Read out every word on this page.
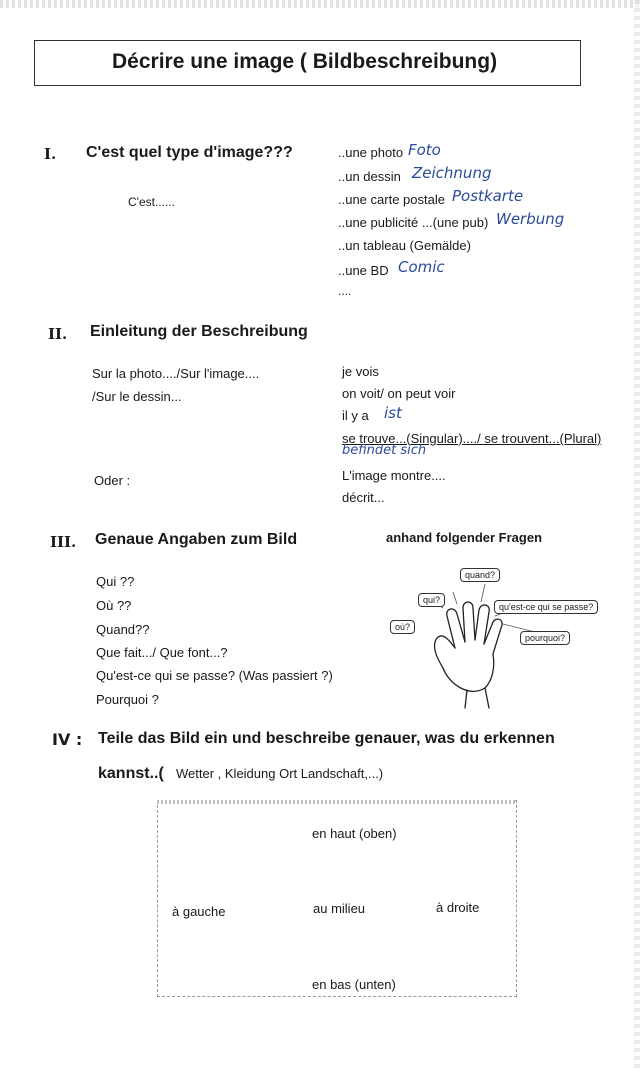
Décrire une image ( Bildbeschreibung)
I. C'est quel type d'image???
C'est......
..une photo Foto
..un dessin Zeichnung
..une carte postale Postkarte
..une publicité ...(une pub) Werbung
..un tableau (Gemälde)
..une BD Comic
....
II. Einleitung der Beschreibung
Sur la photo..../Sur l'image....
/Sur le dessin...
Oder :
je vois
on voit/ on peut voir
il y a ist
se trouve...(Singular)..../ se trouvent...(Plural)
befindet sich
L'image montre....
décrit...
III. Genaue Angaben zum Bild	anhand folgender Fragen
Qui ??
Où ??
Quand??
Que fait.../ Que font...?
Qu'est-ce qui se passe? (Was passiert ?)
Pourquoi ?
quand?
qui?
qu'est-ce qui se passe?
où?
pourquoi?
IV : Teile das Bild ein und beschreibe genauer, was du erkennen
kannst..( Wetter , Kleidung Ort Landschaft,...)
en haut (oben)
à gauche	au milieu	à droite
en bas (unten)
